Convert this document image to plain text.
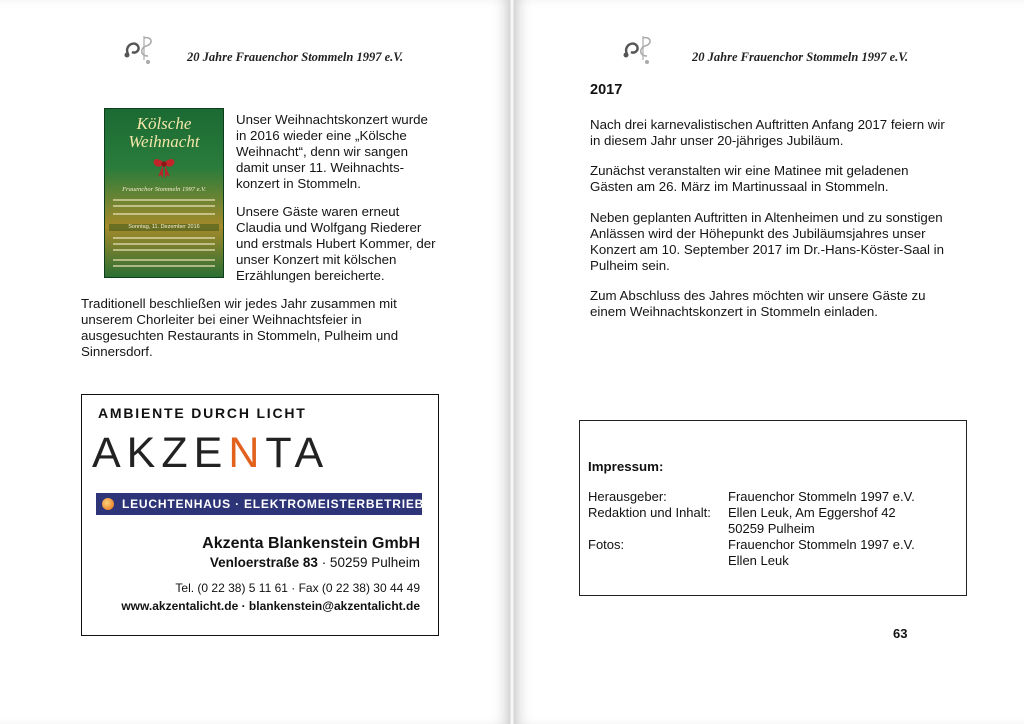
20 Jahre Frauenchor Stommeln 1997 e.V.
Kölsche
Weihnacht
Frauenchor Stommeln 1997 e.V.
Sonntag, 11. Dezember 2016

Unser Weihnachtskonzert wurde

in 2016 wieder eine „Kölsche

Weihnacht“, denn wir sangen

damit unser 11. Weihnachts-

konzert in Stommeln.

Unsere Gäste waren erneut

Claudia und Wolfgang Riederer

und erstmals Hubert Kommer, der

unser Konzert mit kölschen

Erzählungen bereicherte.

Traditionell beschließen wir jedes Jahr zusammen mit

unserem Chorleiter bei einer Weihnachtsfeier in

ausgesuchten Restaurants in Stommeln, Pulheim und

Sinnersdorf.

AMBIENTE DURCH LICHT
AKZENTA
LEUCHTENHAUS · ELEKTROMEISTERBETRIEB
Akzenta Blankenstein GmbH
Venloerstraße 83 · 50259 Pulheim
Tel. (0 22 38) 5 11 61 · Fax (0 22 38) 30 44 49
www.akzentalicht.de · blankenstein@akzentalicht.de
20 Jahre Frauenchor Stommeln 1997 e.V.
2017

Nach drei karnevalistischen Auftritten Anfang 2017 feiern wir

in diesem Jahr unser 20-jähriges Jubiläum.

Zunächst veranstalten wir eine Matinee mit geladenen

Gästen am 26. März im Martinussaal in Stommeln.

Neben geplanten Auftritten in Altenheimen und zu sonstigen

Anlässen wird der Höhepunkt des Jubiläumsjahres unser

Konzert am 10. September 2017 im Dr.-Hans-Köster-Saal in

Pulheim sein.

Zum Abschluss des Jahres möchten wir unsere Gäste zu

einem Weihnachtskonzert in Stommeln einladen.

Impressum:
Herausgeber:	Frauenchor Stommeln 1997 e.V.
Redaktion und Inhalt: Ellen Leuk, Am Eggershof 42
50259 Pulheim
Fotos:	Frauenchor Stommeln 1997 e.V.
Ellen Leuk
63
